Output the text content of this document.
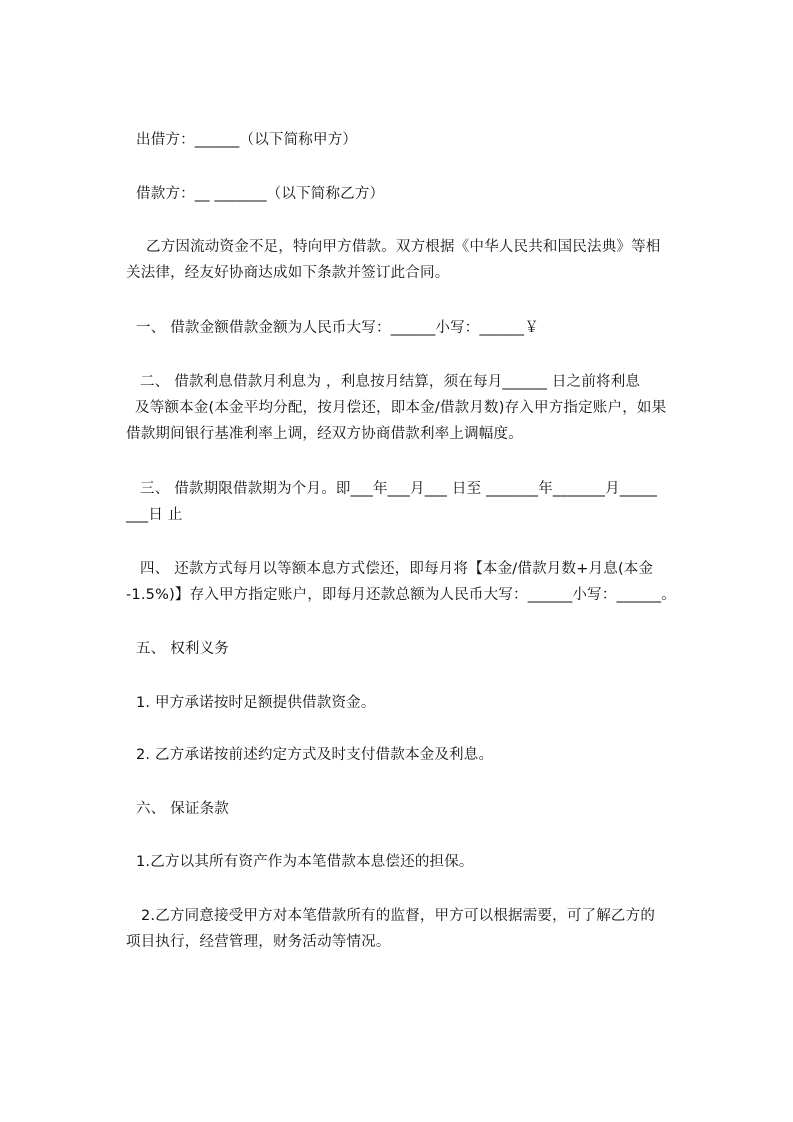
出借方：______（以下简称甲方）
借款方：__ _______（以下简称乙方）
乙方因流动资金不足，特向甲方借款。双方根据《中华人民共和国民法典》等相
关法律，经友好协商达成如下条款并签订此合同。
一、 借款金额借款金额为人民币大写：______小写：______￥
二、 借款利息借款月利息为 ，利息按月结算，须在每月______ 日之前将利息
及等额本金(本金平均分配，按月偿还，即本金/借款月数)存入甲方指定账户，如果
借款期间银行基准利率上调，经双方协商借款利率上调幅度。
三、 借款期限借款期为个月。即___年___月___ 日至 _______年_______月_____
___日 止
四、 还款方式每月以等额本息方式偿还，即每月将【本金/借款月数+月息(本金
-1.5%)】存入甲方指定账户，即每月还款总额为人民币大写：______小写：______。
五、 权利义务
1. 甲方承诺按时足额提供借款资金。
2. 乙方承诺按前述约定方式及时支付借款本金及利息。
六、 保证条款
1.乙方以其所有资产作为本笔借款本息偿还的担保。
2.乙方同意接受甲方对本笔借款所有的监督，甲方可以根据需要，可了解乙方的
项目执行，经营管理，财务活动等情况。
